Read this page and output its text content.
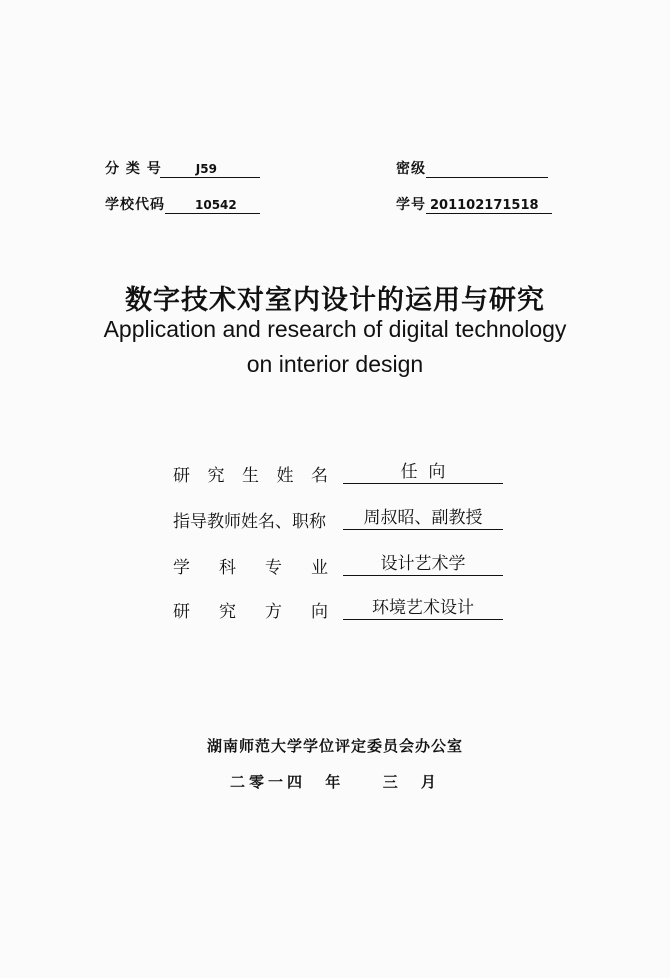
分 类 号	J59	密级
学校代码	10542	学号 201102171518
数字技术对室内设计的运用与研究
Application and research of digital technology
on interior design
研 究 生 姓 名	任  向
指导教师姓名、职称	周叔昭、副教授
学 科 专 业	设计艺术学
研 究 方 向	环境艺术设计
湖南师范大学学位评定委员会办公室
二零一四 年  三 月
